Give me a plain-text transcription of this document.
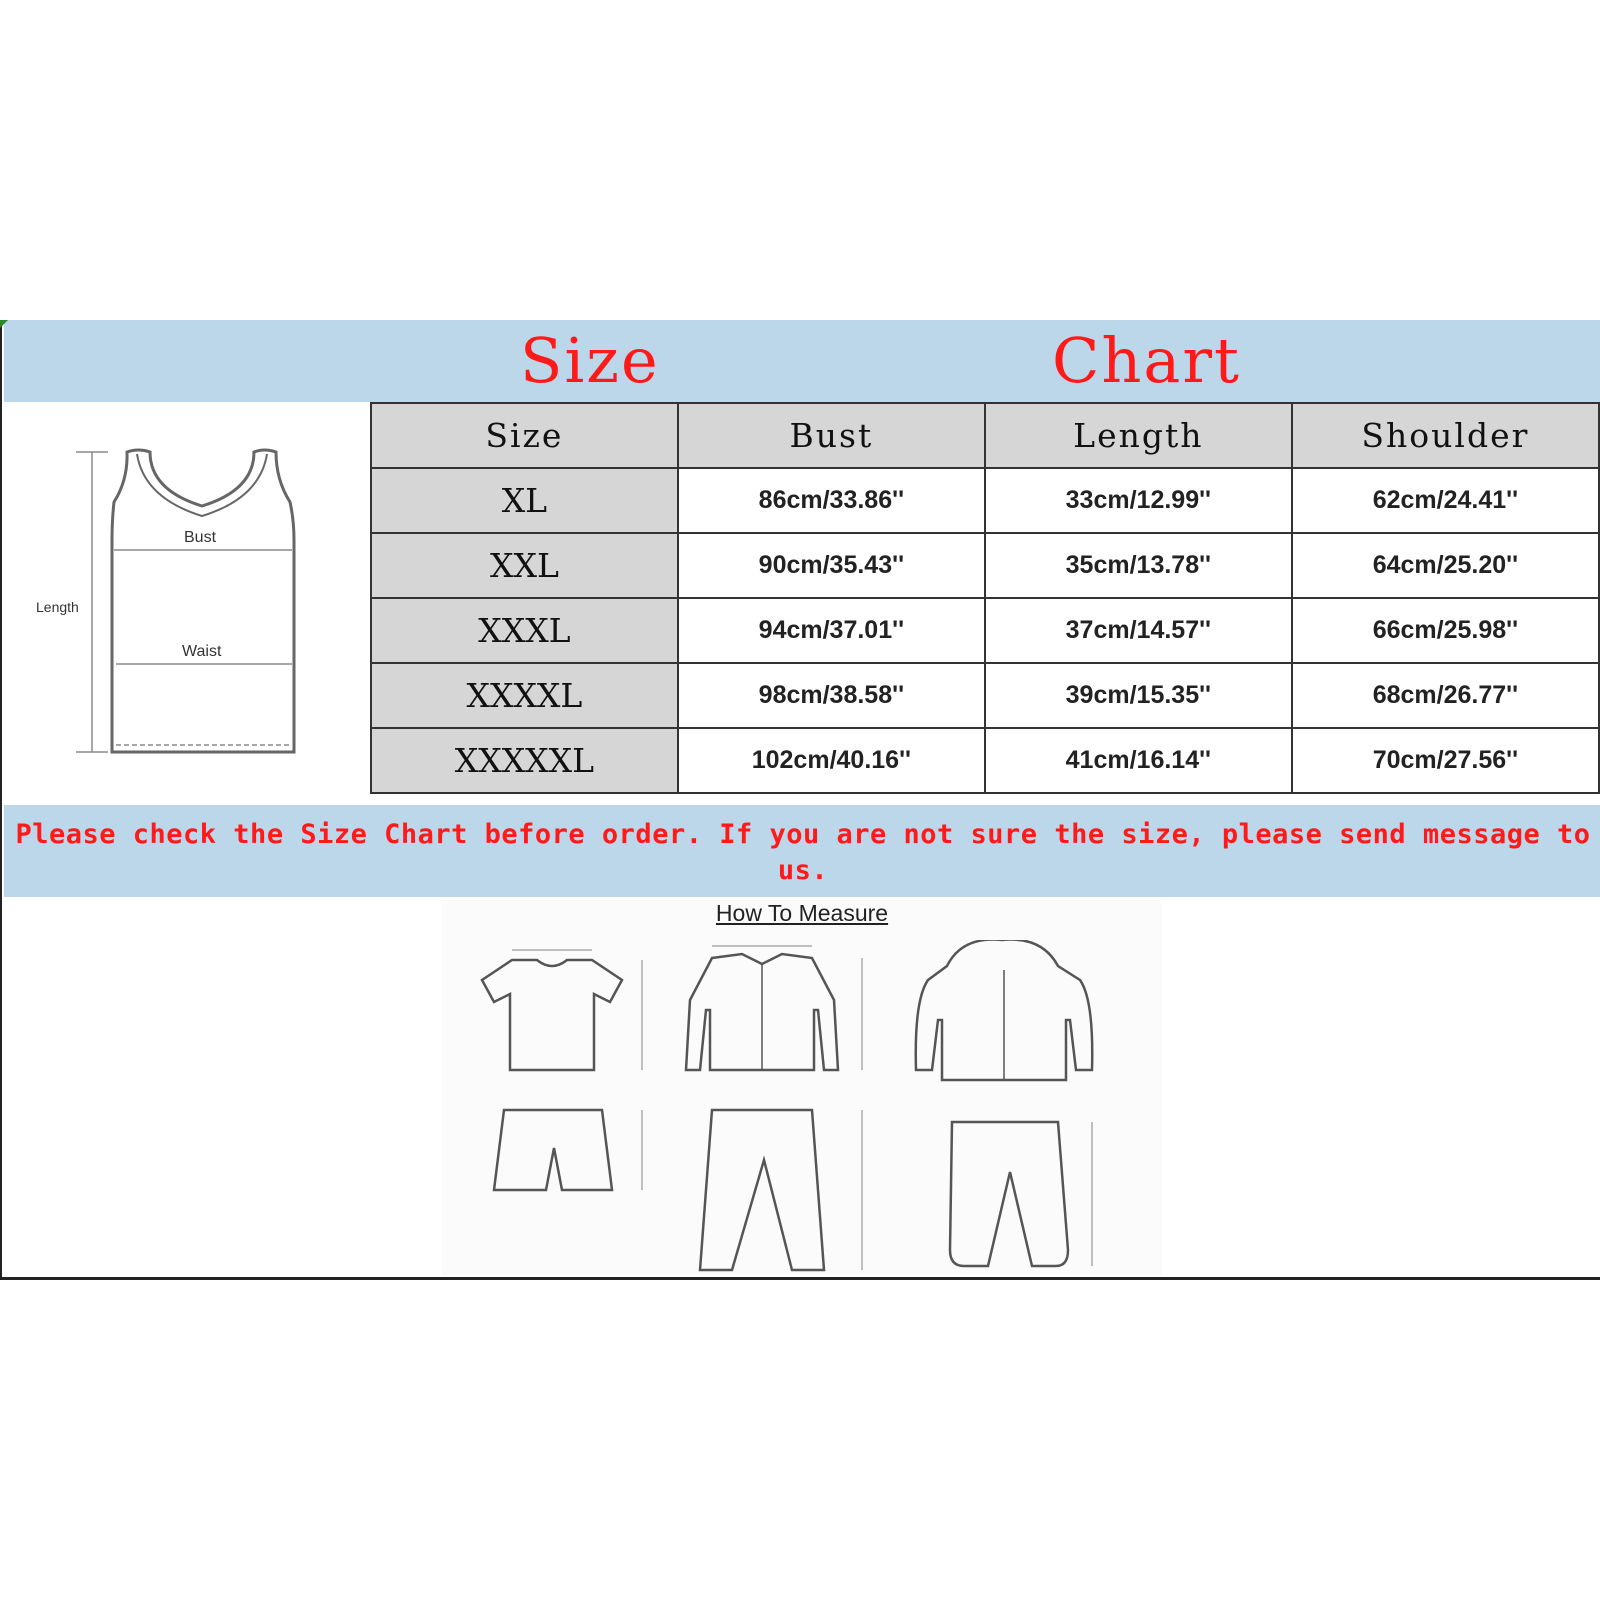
Size	Chart
Bust
Waist
Length
Size	Bust	Length	Shoulder
XL	86cm/33.86''	33cm/12.99''	62cm/24.41''
XXL	90cm/35.43''	35cm/13.78''	64cm/25.20''
XXXL	94cm/37.01''	37cm/14.57''	66cm/25.98''
XXXXL	98cm/38.58''	39cm/15.35''	68cm/26.77''
XXXXXL	102cm/40.16''	41cm/16.14''	70cm/27.56''
Please check the Size Chart before order. If you are not sure the size, please send message to us.
How To Measure
